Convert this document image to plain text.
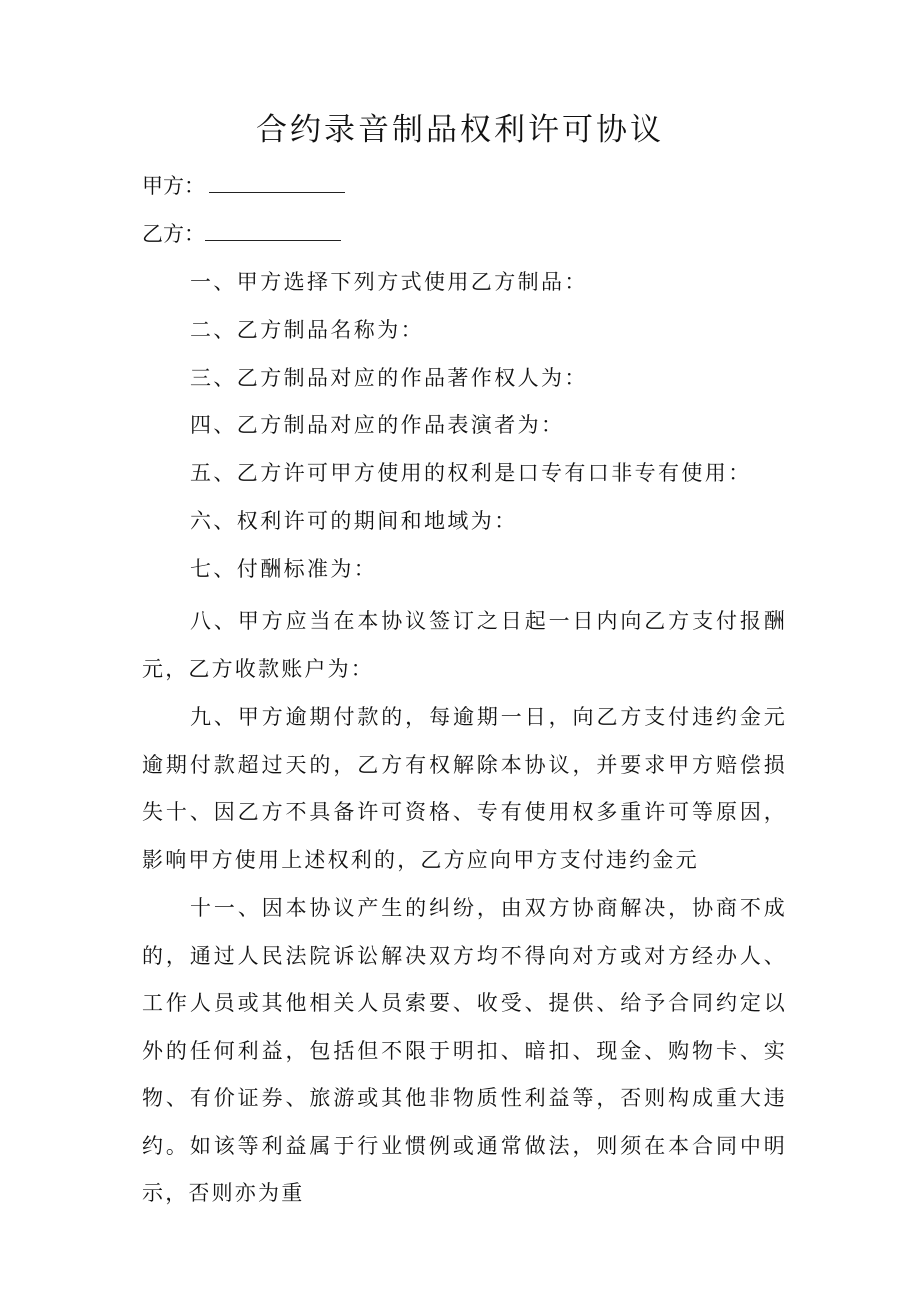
合约录音制品权利许可协议
甲方：
乙方：
一、甲方选择下列方式使用乙方制品：
二、乙方制品名称为：
三、乙方制品对应的作品著作权人为：
四、乙方制品对应的作品表演者为：
五、乙方许可甲方使用的权利是口专有口非专有使用：
六、权利许可的期间和地域为：
七、付酬标准为：

八、甲方应当在本协议签订之日起一日内向乙方支付报酬元，乙方收款账户为：

九、甲方逾期付款的，每逾期一日，向乙方支付违约金元逾期付款超过天的，乙方有权解除本协议，并要求甲方赔偿损失十、因乙方不具备许可资格、专有使用权多重许可等原因，影响甲方使用上述权利的，乙方应向甲方支付违约金元

十一、因本协议产生的纠纷，由双方协商解决，协商不成的，通过人民法院诉讼解决双方均不得向对方或对方经办人、工作人员或其他相关人员索要、收受、提供、给予合同约定以外的任何利益，包括但不限于明扣、暗扣、现金、购物卡、实物、有价证券、旅游或其他非物质性利益等，否则构成重大违约。如该等利益属于行业惯例或通常做法，则须在本合同中明示，否则亦为重
